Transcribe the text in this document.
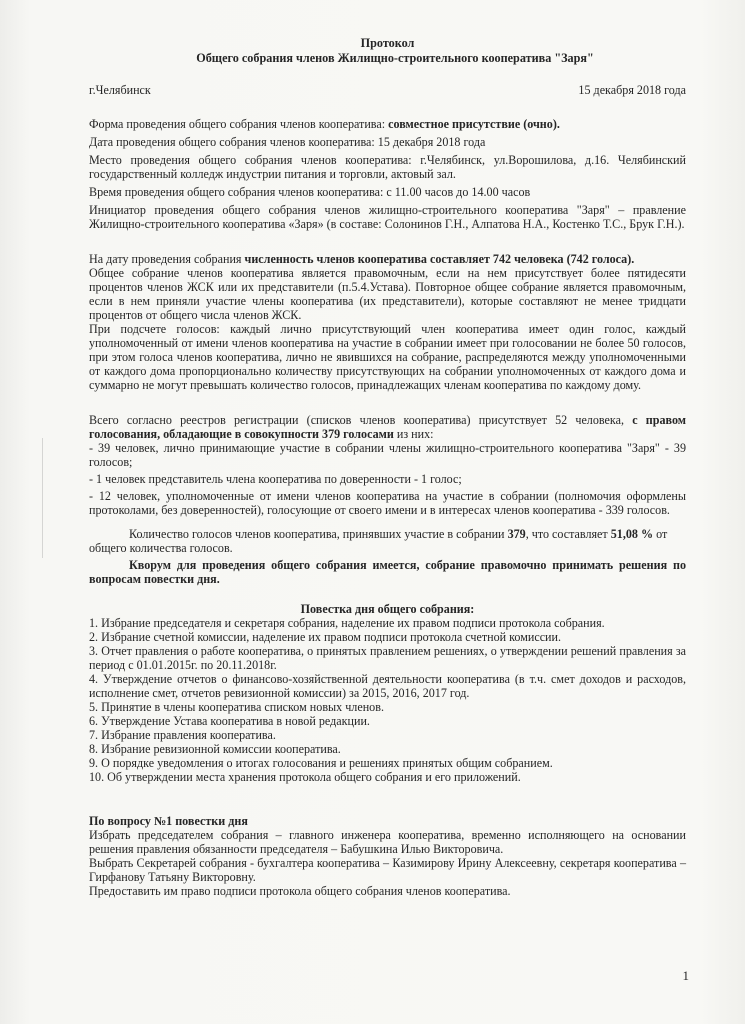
Протокол

Общего собрания членов Жилищно-строительного кооператива "Заря"

г.Челябинск	15 декабря 2018 года

Форма проведения общего собрания членов кооператива: совместное присутствие (очно).

Дата проведения общего собрания членов кооператива: 15 декабря 2018 года

Место проведения общего собрания членов кооператива: г.Челябинск, ул.Ворошилова, д.16. Челябинский государственный колледж индустрии питания и торговли, актовый зал.

Время проведения общего собрания членов кооператива: с 11.00 часов до 14.00 часов

Инициатор проведения общего собрания членов жилищно-строительного кооператива "Заря" – правление Жилищно-строительного кооператива «Заря» (в составе: Солонинов Г.Н., Алпатова Н.А., Костенко Т.С., Брук Г.Н.).

На дату проведения собрания численность членов кооператива составляет 742 человека (742 голоса).

Общее собрание членов кооператива является правомочным, если на нем присутствует более пятидесяти процентов членов ЖСК или их представители (п.5.4.Устава). Повторное общее собрание является правомочным, если в нем приняли участие члены кооператива (их представители), которые составляют не менее тридцати процентов от общего числа членов ЖСК.

При подсчете голосов: каждый лично присутствующий член кооператива имеет один голос, каждый уполномоченный от имени членов кооператива на участие в собрании имеет при голосовании не более 50 голосов, при этом голоса членов кооператива, лично не явившихся на собрание, распределяются между уполномоченными от каждого дома пропорционально количеству присутствующих на собрании уполномоченных от каждого дома и суммарно не могут превышать количество голосов, принадлежащих членам кооператива по каждому дому.

Всего согласно реестров регистрации (списков членов кооператива) присутствует 52 человека, с правом голосования, обладающие в совокупности 379 голосами из них:

- 39 человек, лично принимающие участие в собрании члены жилищно-строительного кооператива "Заря" - 39 голосов;

- 1 человек представитель члена кооператива по доверенности - 1 голос;

- 12 человек, уполномоченные от имени членов кооператива на участие в собрании (полномочия оформлены протоколами, без доверенностей), голосующие от своего имени и в интересах членов кооператива - 339 голосов.

Количество голосов членов кооператива, принявших участие в собрании 379, что составляет 51,08 % от общего количества голосов.

Кворум для проведения общего собрания имеется, собрание правомочно принимать решения по вопросам повестки дня.

Повестка дня общего собрания:

1. Избрание председателя и секретаря собрания, наделение их правом подписи протокола собрания.
2. Избрание счетной комиссии, наделение их правом подписи протокола счетной комиссии.
3. Отчет правления о работе кооператива, о принятых правлением решениях, о утверждении решений правления за период с 01.01.2015г. по 20.11.2018г.
4. Утверждение отчетов о финансово-хозяйственной деятельности кооператива (в т.ч. смет доходов и расходов, исполнение смет, отчетов ревизионной комиссии) за 2015, 2016, 2017 год.
5. Принятие в члены кооператива списком новых членов.
6. Утверждение Устава кооператива в новой редакции.
7. Избрание правления кооператива.
8. Избрание ревизионной комиссии кооператива.
9. О порядке уведомления о итогах голосования и решениях принятых общим собранием.
10. Об утверждении места хранения протокола общего собрания и его приложений.

По вопросу №1 повестки дня

Избрать председателем собрания – главного инженера кооператива, временно исполняющего на основании решения правления обязанности председателя – Бабушкина Илью Викторовича.

Выбрать Секретарей собрания - бухгалтера кооператива – Казимирову Ирину Алексеевну, секретаря кооператива – Гирфанову Татьяну Викторовну.

Предоставить им право подписи протокола общего собрания членов кооператива.

1
